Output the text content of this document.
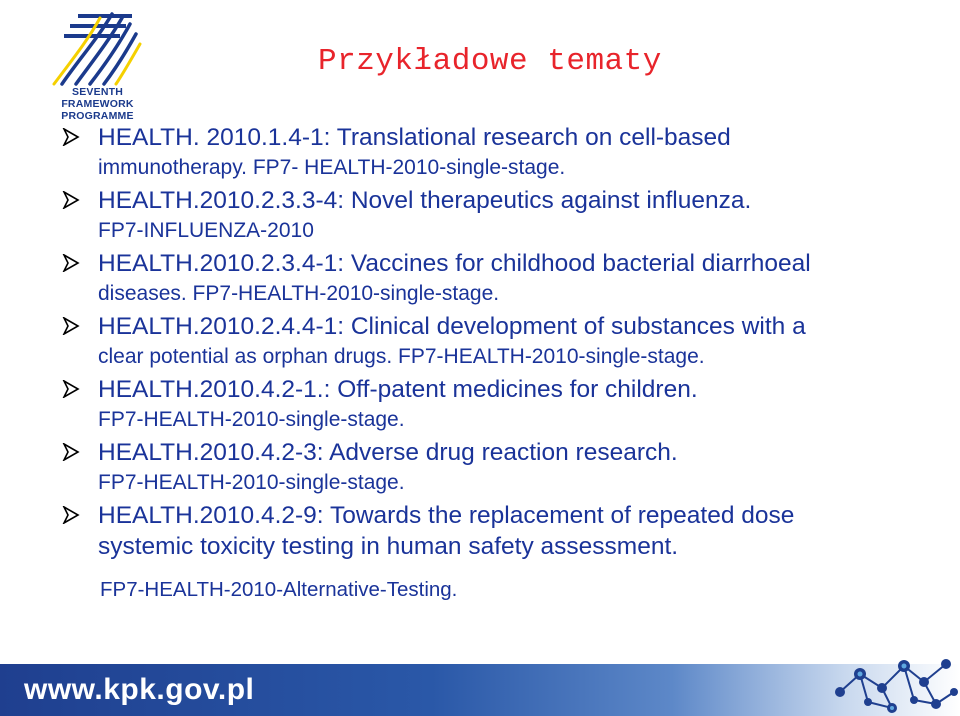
SEVENTH FRAMEWORK
PROGRAMME
Przykładowe tematy
HEALTH. 2010.1.4-1: Translational research on cell-based
immunotherapy. FP7- HEALTH-2010-single-stage.
HEALTH.2010.2.3.3-4: Novel therapeutics against influenza.
FP7-INFLUENZA-2010
HEALTH.2010.2.3.4-1: Vaccines for childhood bacterial diarrhoeal
diseases. FP7-HEALTH-2010-single-stage.
HEALTH.2010.2.4.4-1: Clinical development of substances with a
clear potential as orphan drugs. FP7-HEALTH-2010-single-stage.
HEALTH.2010.4.2-1.: Off-patent medicines for children.
FP7-HEALTH-2010-single-stage.
HEALTH.2010.4.2-3: Adverse drug reaction research.
FP7-HEALTH-2010-single-stage.
HEALTH.2010.4.2-9: Towards the replacement of repeated dose
systemic toxicity testing in human safety assessment.
FP7-HEALTH-2010-Alternative-Testing.
www.kpk.gov.pl
